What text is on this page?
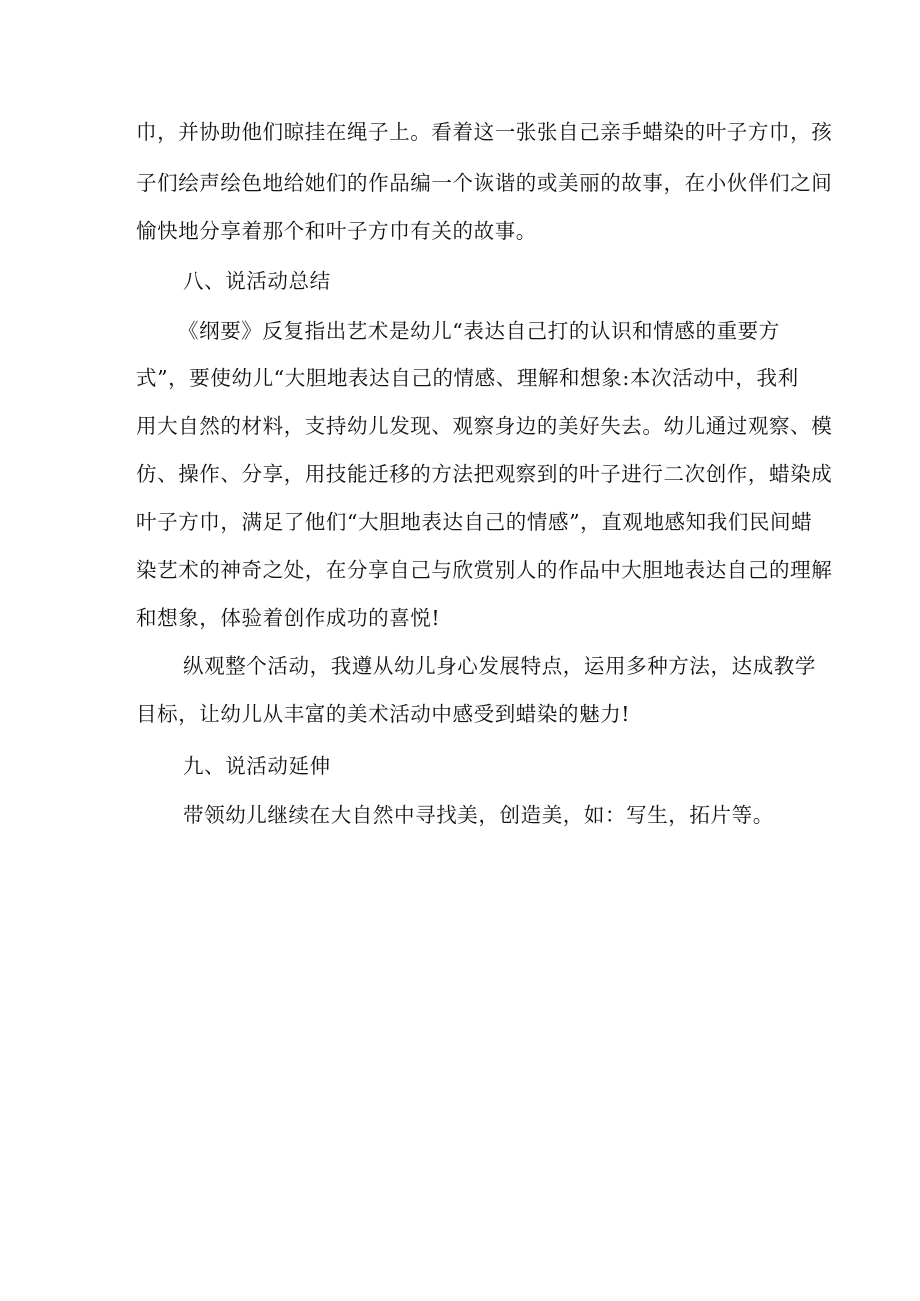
巾，并协助他们晾挂在绳子上。看着这一张张自己亲手蜡染的叶子方巾，孩
子们绘声绘色地给她们的作品编一个诙谐的或美丽的故事，在小伙伴们之间
愉快地分享着那个和叶子方巾有关的故事。
八、说活动总结
《纲要》反复指出艺术是幼儿“表达自己打的认识和情感的重要方
式”，要使幼儿“大胆地表达自己的情感、理解和想象:本次活动中，我利
用大自然的材料，支持幼儿发现、观察身边的美好失去。幼儿通过观察、模
仿、操作、分享，用技能迁移的方法把观察到的叶子进行二次创作，蜡染成
叶子方巾，满足了他们“大胆地表达自己的情感”，直观地感知我们民间蜡
染艺术的神奇之处，在分享自己与欣赏别人的作品中大胆地表达自己的理解
和想象，体验着创作成功的喜悦!
纵观整个活动，我遵从幼儿身心发展特点，运用多种方法，达成教学
目标，让幼儿从丰富的美术活动中感受到蜡染的魅力!
九、说活动延伸
带领幼儿继续在大自然中寻找美，创造美，如：写生，拓片等。
